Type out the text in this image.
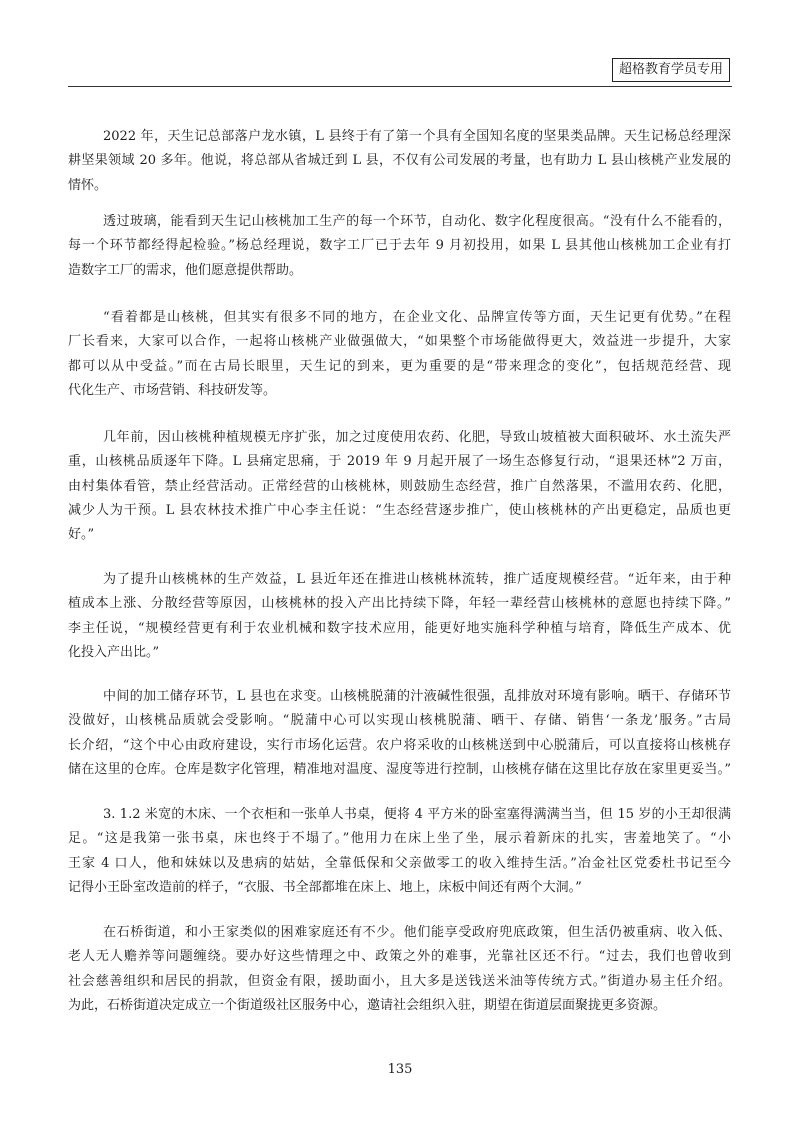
超格教育学员专用
2022 年，天生记总部落户龙水镇，L 县终于有了第一个具有全国知名度的坚果类品牌。天生记杨总经理深
耕坚果领域 20 多年。他说，将总部从省城迁到 L 县，不仅有公司发展的考量，也有助力 L 县山核桃产业发展的
情怀。
透过玻璃，能看到天生记山核桃加工生产的每一个环节，自动化、数字化程度很高。“没有什么不能看的，
每一个环节都经得起检验。”杨总经理说，数字工厂已于去年 9 月初投用，如果 L 县其他山核桃加工企业有打
造数字工厂的需求，他们愿意提供帮助。
“看着都是山核桃，但其实有很多不同的地方，在企业文化、品牌宣传等方面，天生记更有优势。”在程
厂长看来，大家可以合作，一起将山核桃产业做强做大，“如果整个市场能做得更大，效益进一步提升，大家
都可以从中受益。”而在古局长眼里，天生记的到来，更为重要的是“带来理念的变化”，包括规范经营、现
代化生产、市场营销、科技研发等。
几年前，因山核桃种植规模无序扩张，加之过度使用农药、化肥，导致山坡植被大面积破坏、水土流失严
重，山核桃品质逐年下降。L 县痛定思痛，于 2019 年 9 月起开展了一场生态修复行动，“退果还林”2 万亩，
由村集体看管，禁止经营活动。正常经营的山核桃林，则鼓励生态经营，推广自然落果，不滥用农药、化肥，
减少人为干预。L 县农林技术推广中心李主任说：“生态经营逐步推广，使山核桃林的产出更稳定，品质也更
好。”
为了提升山核桃林的生产效益，L 县近年还在推进山核桃林流转，推广适度规模经营。“近年来，由于种
植成本上涨、分散经营等原因，山核桃林的投入产出比持续下降，年轻一辈经营山核桃林的意愿也持续下降。”
李主任说，“规模经营更有利于农业机械和数字技术应用，能更好地实施科学种植与培育，降低生产成本、优
化投入产出比。”
中间的加工储存环节，L 县也在求变。山核桃脱蒲的汁液碱性很强，乱排放对环境有影响。晒干、存储环节
没做好，山核桃品质就会受影响。“脱蒲中心可以实现山核桃脱蒲、晒干、存储、销售‘一条龙’服务。”古局
长介绍，“这个中心由政府建设，实行市场化运营。农户将采收的山核桃送到中心脱蒲后，可以直接将山核桃存
储在这里的仓库。仓库是数字化管理，精准地对温度、湿度等进行控制，山核桃存储在这里比存放在家里更妥当。”
3. 1.2 米宽的木床、一个衣柜和一张单人书桌，便将 4 平方米的卧室塞得满满当当，但 15 岁的小王却很满
足。“这是我第一张书桌，床也终于不塌了。”他用力在床上坐了坐，展示着新床的扎实，害羞地笑了。“小
王家 4 口人，他和妹妹以及患病的姑姑，全靠低保和父亲做零工的收入维持生活。”冶金社区党委杜书记至今
记得小王卧室改造前的样子，“衣服、书全部都堆在床上、地上，床板中间还有两个大洞。”
在石桥街道，和小王家类似的困难家庭还有不少。他们能享受政府兜底政策，但生活仍被重病、收入低、
老人无人赡养等问题缠绕。要办好这些情理之中、政策之外的难事，光靠社区还不行。“过去，我们也曾收到
社会慈善组织和居民的捐款，但资金有限，援助面小，且大多是送钱送米油等传统方式。”街道办易主任介绍。
为此，石桥街道决定成立一个街道级社区服务中心，邀请社会组织入驻，期望在街道层面聚拢更多资源。
135
